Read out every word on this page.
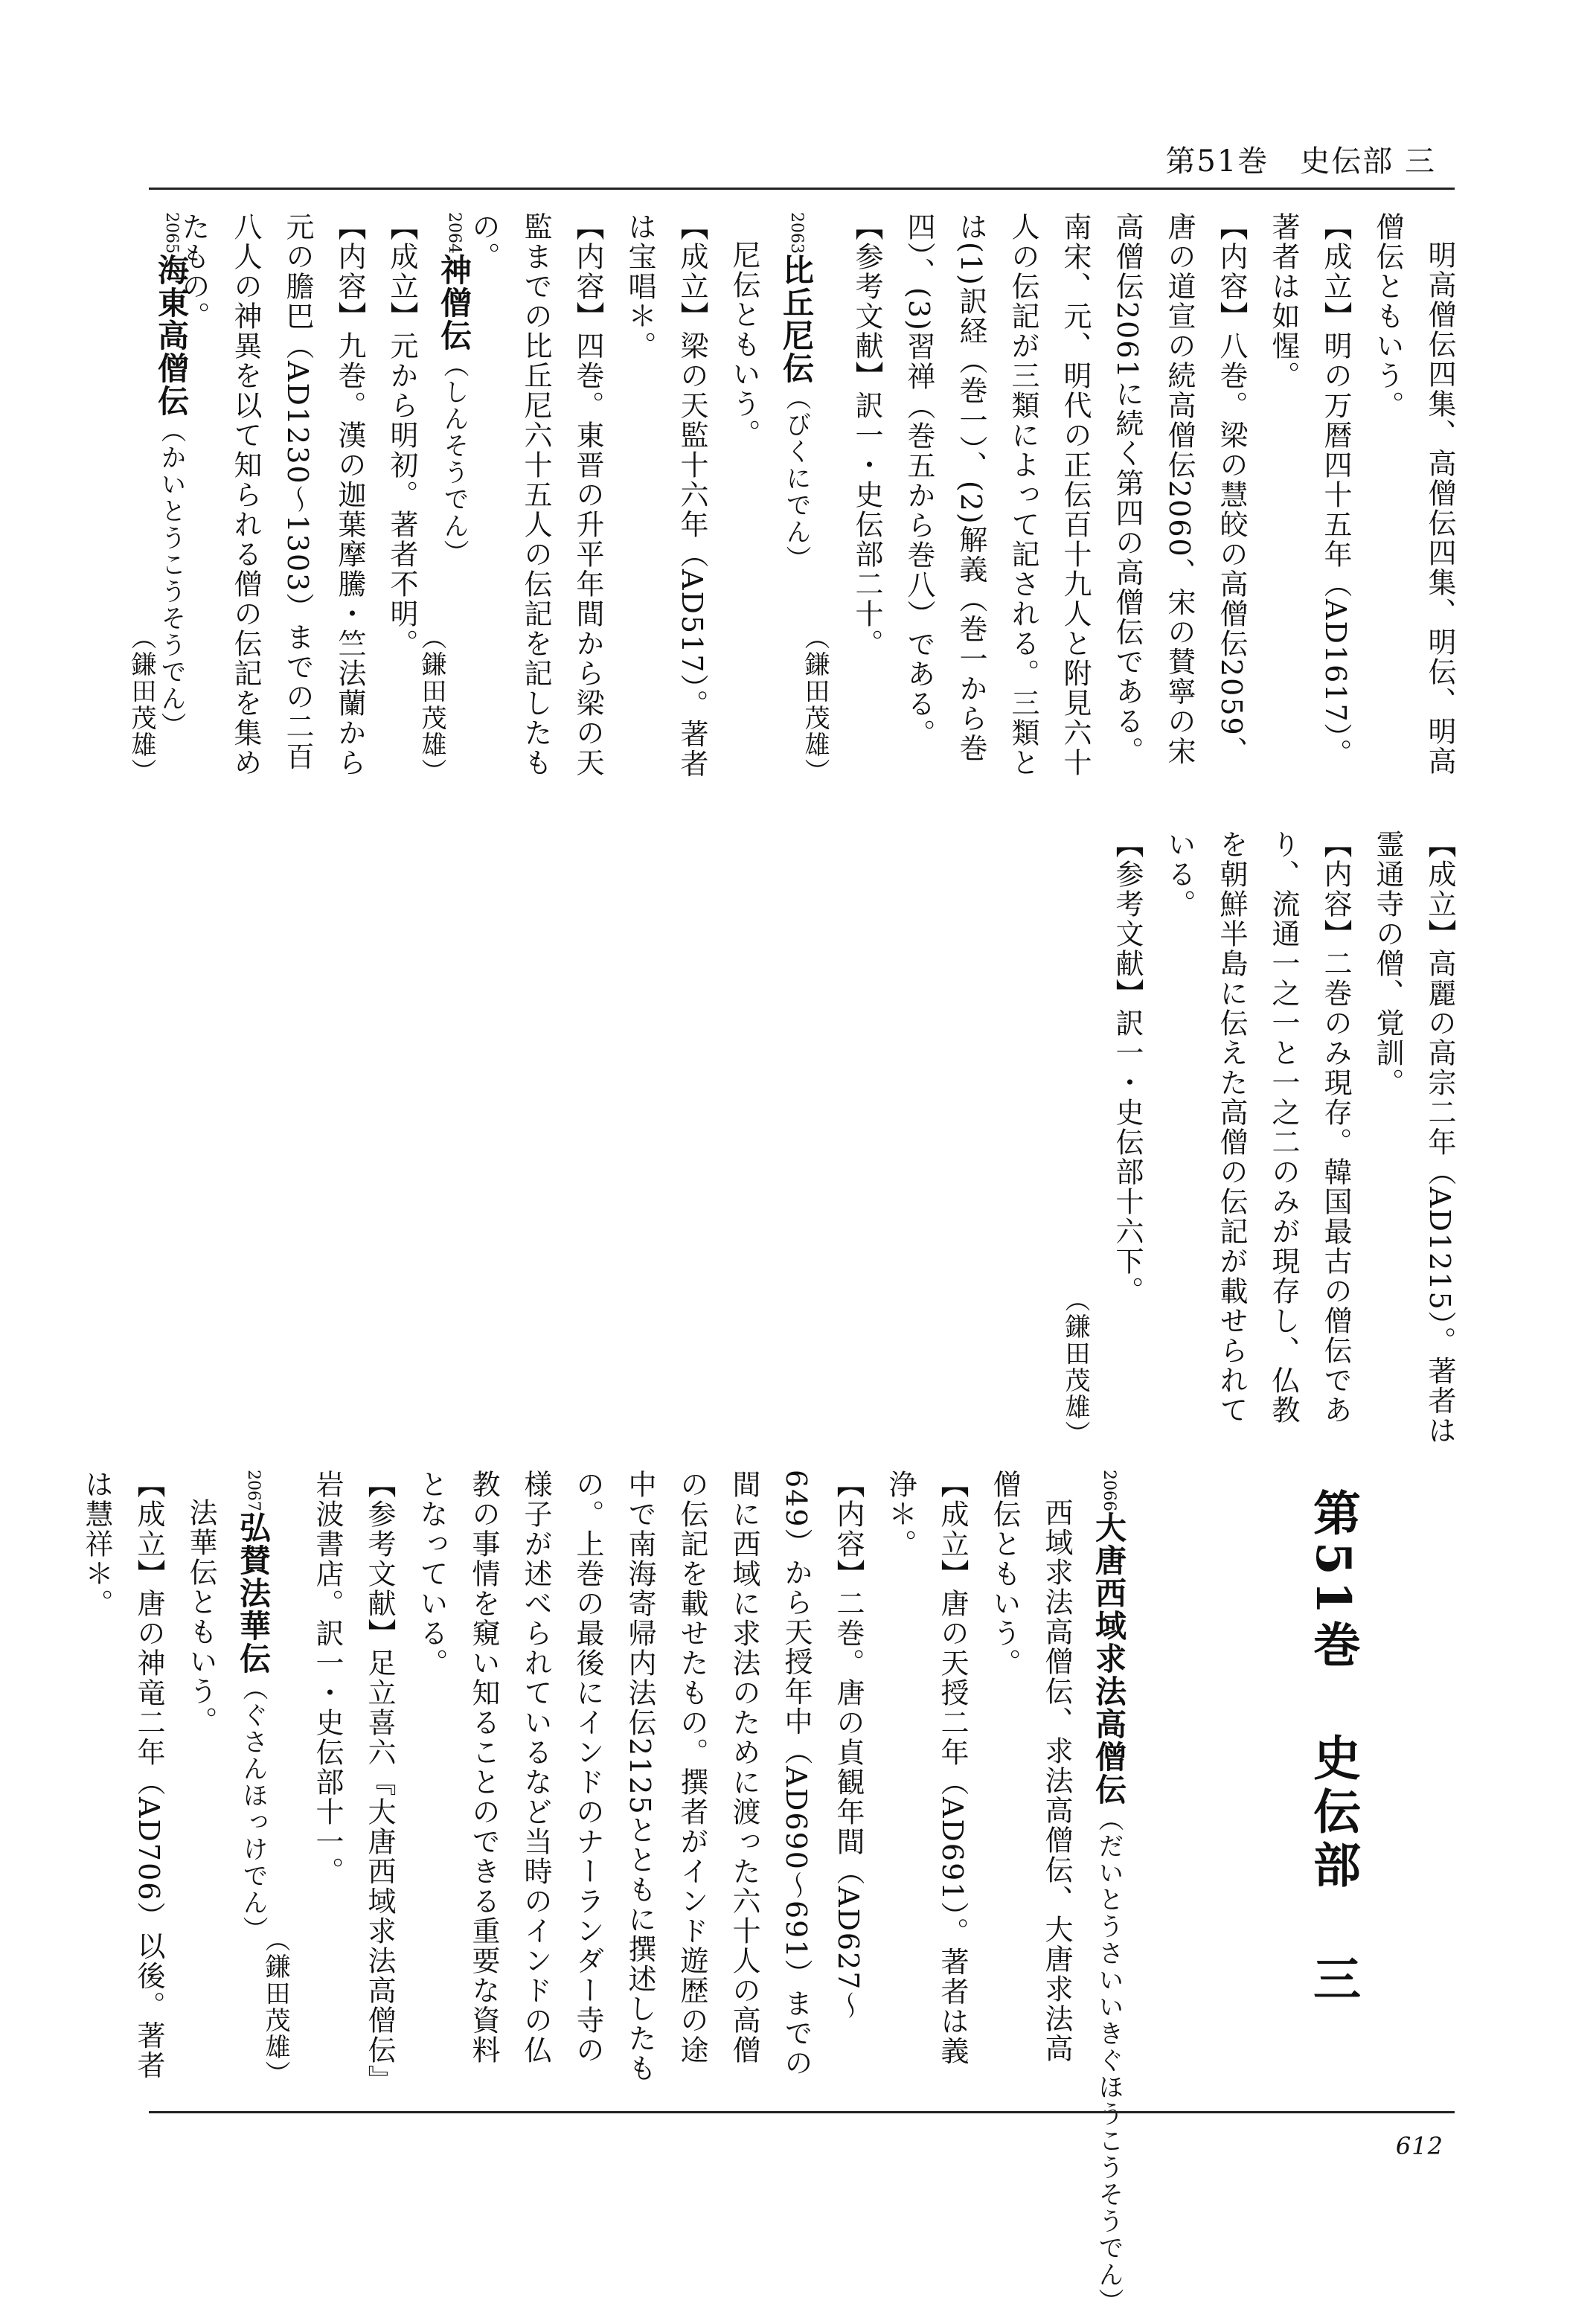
第51巻　史伝部 三

明高僧伝四集、高僧伝四集、明伝、明高僧伝ともいう。

【成立】明の万暦四十五年（AD1617）。著者は如惺。

【内容】八巻。梁の慧皎の高僧伝2059、唐の道宣の続高僧伝2060、宋の賛寧の宋高僧伝2061に続く第四の高僧伝である。南宋、元、明代の正伝百十九人と附見六十人の伝記が三類によって記される。三類とは(1)訳経（巻一）、(2)解義（巻一から巻四）、(3)習禅（巻五から巻八）である。

【参考文献】訳一・史伝部二十。

（鎌田茂雄）

2063比丘尼伝（びくにでん）

尼伝ともいう。

【成立】梁の天監十六年（AD517）。著者は宝唱＊。

【内容】四巻。東晋の升平年間から梁の天監までの比丘尼六十五人の伝記を記したもの。

（鎌田茂雄）

2064神僧伝（しんそうでん）

【成立】元から明初。著者不明。

【内容】九巻。漢の迦葉摩騰・竺法蘭から元の膽巴（AD1230〜1303）までの二百八人の神異を以て知られる僧の伝記を集めたもの。

（鎌田茂雄）

2065海東高僧伝（かいとうこうそうでん）

【成立】高麗の高宗二年（AD1215）。著者は霊通寺の僧、覚訓。

【内容】二巻のみ現存。韓国最古の僧伝であり、流通一之一と一之二のみが現存し、仏教を朝鮮半島に伝えた高僧の伝記が載せられている。

【参考文献】訳一・史伝部十六下。

（鎌田茂雄）

第51巻 史伝部 三

2066大唐西域求法高僧伝（だいとうさいいきぐほうこうそうでん）

西域求法高僧伝、求法高僧伝、大唐求法高僧伝ともいう。

【成立】唐の天授二年（AD691）。著者は義浄＊。

【内容】二巻。唐の貞観年間（AD627〜649）から天授年中（AD690〜691）までの間に西域に求法のために渡った六十人の高僧の伝記を載せたもの。撰者がインド遊歴の途中で南海寄帰内法伝2125とともに撰述したもの。上巻の最後にインドのナーランダー寺の様子が述べられているなど当時のインドの仏教の事情を窺い知ることのできる重要な資料となっている。

【参考文献】足立喜六『大唐西域求法高僧伝』岩波書店。訳一・史伝部十一。

（鎌田茂雄）

2067弘賛法華伝（ぐさんほっけでん）

法華伝ともいう。

【成立】唐の神竜二年（AD706）以後。著者は慧祥＊。

612
